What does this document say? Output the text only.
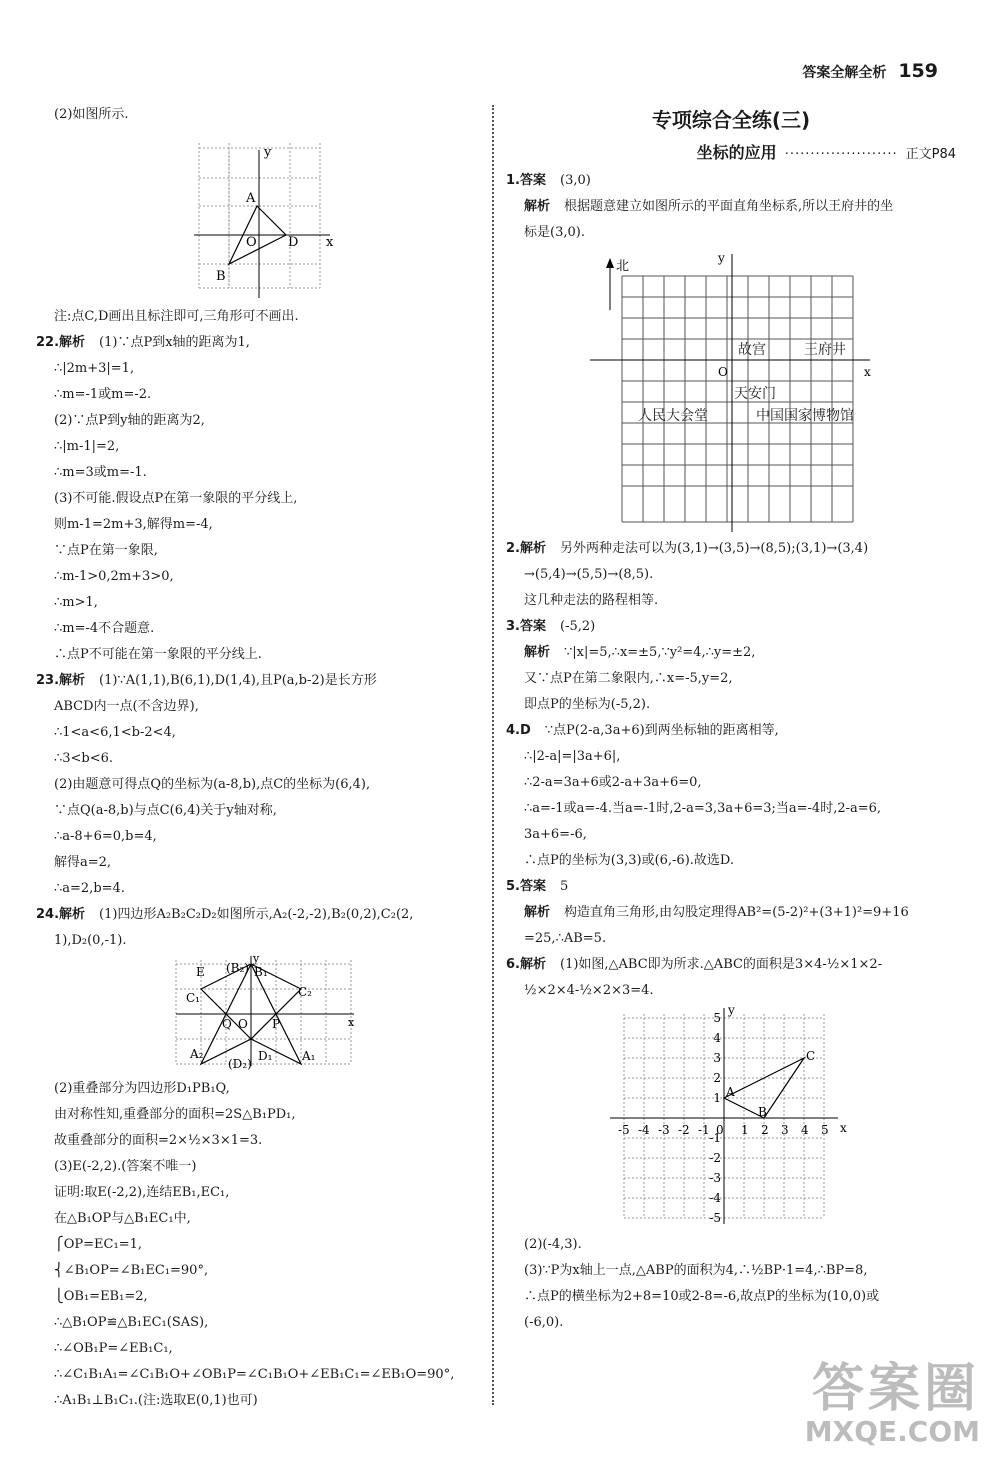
答案全解全析 159
(2)如图所示.
y
x
O
A
B
D
注:点C,D画出且标注即可,三角形可不画出.
22.解析 (1)∵点P到x轴的距离为1,
∴|2m+3|=1,
∴m=-1或m=-2.
(2)∵点P到y轴的距离为2,
∴|m-1|=2,
∴m=3或m=-1.
(3)不可能.假设点P在第一象限的平分线上,
则m-1=2m+3,解得m=-4,
∵点P在第一象限,
∴m-1>0,2m+3>0,
∴m>1,
∴m=-4不合题意.
∴点P不可能在第一象限的平分线上.
23.解析 (1)∵A(1,1),B(6,1),D(1,4),且P(a,b-2)是长方形
ABCD内一点(不含边界),
∴1<a<6,1<b-2<4,
∴3<b<6.
(2)由题意可得点Q的坐标为(a-8,b),点C的坐标为(6,4),
∵点Q(a-8,b)与点C(6,4)关于y轴对称,
∴a-8+6=0,b=4,
解得a=2,
∴a=2,b=4.
24.解析 (1)四边形A₂B₂C₂D₂如图所示,A₂(-2,-2),B₂(0,2),C₂(2,
1),D₂(0,-1).
y
x
E (B₂) B₁
C₁	C₂
Q O P
A₂
(D₂)
D₁ A₁
(2)重叠部分为四边形D₁PB₁Q,
由对称性知,重叠部分的面积=2S△B₁PD₁,
故重叠部分的面积=2×½×3×1=3.
(3)E(-2,2).(答案不唯一)
证明:取E(-2,2),连结EB₁,EC₁,
在△B₁OP与△B₁EC₁中,
⎧OP=EC₁=1,
⎨∠B₁OP=∠B₁EC₁=90°,
⎩OB₁=EB₁=2,
∴△B₁OP≌△B₁EC₁(SAS),
∴∠OB₁P=∠EB₁C₁,
∴∠C₁B₁A₁=∠C₁B₁O+∠OB₁P=∠C₁B₁O+∠EB₁C₁=∠EB₁O=90°,
∴A₁B₁⊥B₁C₁.(注:选取E(0,1)也可)
专项综合全练(三)
坐标的应用 ······················ 正文P84
1.答案 (3,0)
解析 根据题意建立如图所示的平面直角坐标系,所以王府井的坐
标是(3,0).
北
y
x
O
故宫	王府井
天安门
人民大会堂	中国国家博物馆
2.解析 另外两种走法可以为(3,1)→(3,5)→(8,5);(3,1)→(3,4)
→(5,4)→(5,5)→(8,5).
这几种走法的路程相等.
3.答案 (-5,2)
解析 ∵|x|=5,∴x=±5,∵y²=4,∴y=±2,
又∵点P在第二象限内,∴x=-5,y=2,
即点P的坐标为(-5,2).
4.D ∵点P(2-a,3a+6)到两坐标轴的距离相等,
∴|2-a|=|3a+6|,
∴2-a=3a+6或2-a+3a+6=0,
∴a=-1或a=-4.当a=-1时,2-a=3,3a+6=3;当a=-4时,2-a=6,
3a+6=-6,
∴点P的坐标为(3,3)或(6,-6).故选D.
5.答案 5
解析 构造直角三角形,由勾股定理得AB²=(5-2)²+(3+1)²=9+16
=25,∴AB=5.
6.解析 (1)如图,△ABC即为所求.△ABC的面积是3×4-½×1×2-
½×2×4-½×2×3=4.
y
x
A
B
C
0
-5 -4 -3 -2 -1	1 2 3 4 5
5
4
3
2
1
-1
-2
-3
-4
-5
(2)(-4,3).
(3)∵P为x轴上一点,△ABP的面积为4,∴½BP·1=4,∴BP=8,
∴点P的横坐标为2+8=10或2-8=-6,故点P的坐标为(10,0)或
(-6,0).
答案圈
MXQE.COM
